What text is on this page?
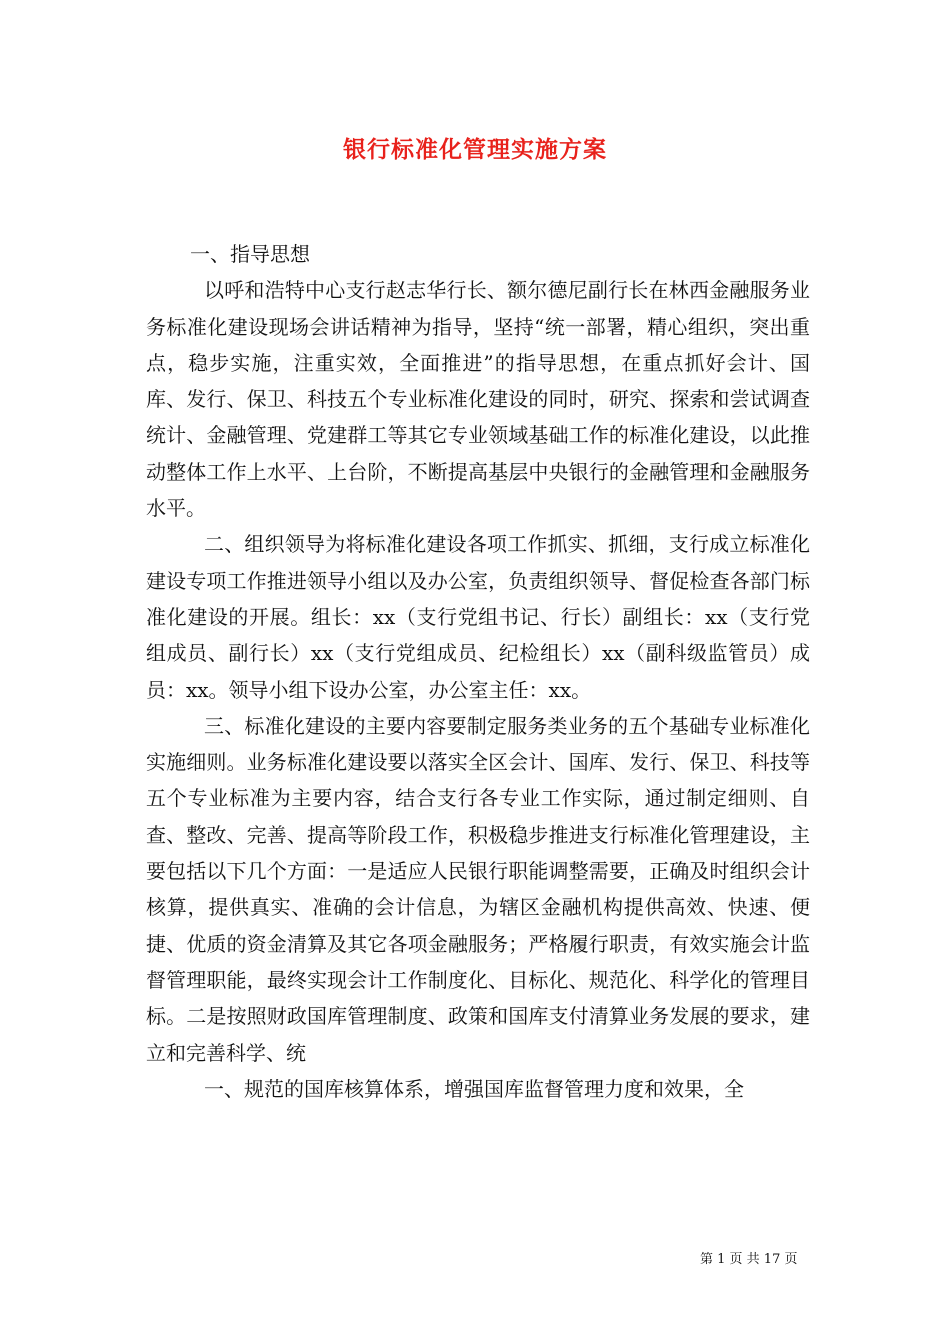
银行标准化管理实施方案

一、指导思想

以呼和浩特中心支行赵志华行长、额尔德尼副行长在林西金融服务业务标准化建设现场会讲话精神为指导，坚持“统一部署，精心组织，突出重点，稳步实施，注重实效，全面推进”的指导思想，在重点抓好会计、国库、发行、保卫、科技五个专业标准化建设的同时，研究、探索和尝试调查统计、金融管理、党建群工等其它专业领域基础工作的标准化建设，以此推动整体工作上水平、上台阶，不断提高基层中央银行的金融管理和金融服务水平。

二、组织领导为将标准化建设各项工作抓实、抓细，支行成立标准化建设专项工作推进领导小组以及办公室，负责组织领导、督促检查各部门标准化建设的开展。组长：xx（支行党组书记、行长）副组长：xx（支行党组成员、副行长）xx（支行党组成员、纪检组长）xx（副科级监管员）成员：xx。领导小组下设办公室，办公室主任：xx。

三、标准化建设的主要内容要制定服务类业务的五个基础专业标准化实施细则。业务标准化建设要以落实全区会计、国库、发行、保卫、科技等五个专业标准为主要内容，结合支行各专业工作实际，通过制定细则、自查、整改、完善、提高等阶段工作，积极稳步推进支行标准化管理建设，主要包括以下几个方面：一是适应人民银行职能调整需要，正确及时组织会计核算，提供真实、准确的会计信息，为辖区金融机构提供高效、快速、便捷、优质的资金清算及其它各项金融服务；严格履行职责，有效实施会计监督管理职能，最终实现会计工作制度化、目标化、规范化、科学化的管理目标。二是按照财政国库管理制度、政策和国库支付清算业务发展的要求，建立和完善科学、统

一、规范的国库核算体系，增强国库监督管理力度和效果，全

第 1 页 共 17 页
